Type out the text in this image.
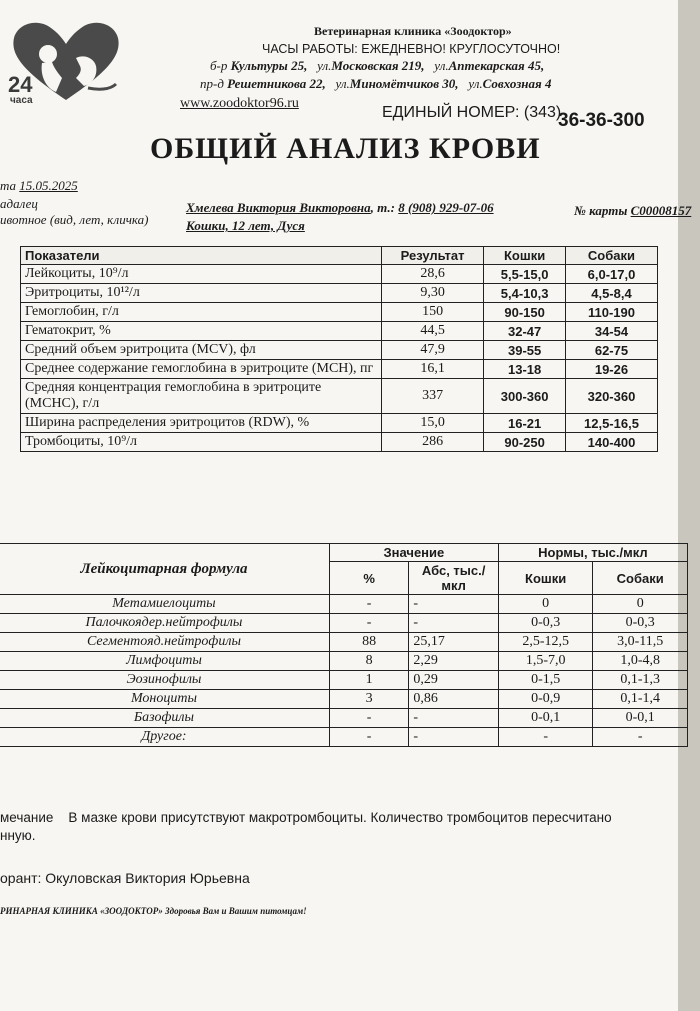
24
часа
Ветеринарная клиника «Зоодоктор»
ЧАСЫ РАБОТЫ: ЕЖЕДНЕВНО! КРУГЛОСУТОЧНО!
б-р Культуры 25, ул.Московская 219, ул.Аптекарская 45,
пр-д Решетникова 22, ул.Миномётчиков 30, ул.Совхозная 4
www.zoodoktor96.ru
ЕДИНЫЙ НОМЕР: (343)
36-36-300
ОБЩИЙ АНАЛИЗ КРОВИ
та 15.05.2025
адалец
ивотное (вид, лет, кличка)
Хмелева Виктория Викторовна, т.: 8 (908) 929-07-06
Кошки, 12 лет, Дуся
№ карты С00008157
Показатели	Результат	Кошки	Собаки
Лейкоциты, 10⁹/л	28,6	5,5-15,0	6,0-17,0
Эритроциты, 10¹²/л	9,30	5,4-10,3	4,5-8,4
Гемоглобин, г/л	150	90-150	110-190
Гематокрит, %	44,5	32-47	34-54
Средний объем эритроцита (MCV), фл	47,9	39-55	62-75
Среднее содержание гемоглобина в эритроците (MCH), пг	16,1	13-18	19-26
Средняя концентрация гемоглобина в эритроците (MCHC), г/л	337	300-360	320-360
Ширина распределения эритроцитов (RDW), %	15,0	16-21	12,5-16,5
Тромбоциты, 10⁹/л	286	90-250	140-400
Лейкоцитарная формула	Значение		Нормы, тыс./мкл	
	%	Абс, тыс./мкл	Кошки	Собаки
Метамиелоциты	-	-	0	0
Палочкоядер.нейтрофилы	-	-	0-0,3	0-0,3
Сегментояд.нейтрофилы	88	25,17	2,5-12,5	3,0-11,5
Лимфоциты	8	2,29	1,5-7,0	1,0-4,8
Эозинофилы	1	0,29	0-1,5	0,1-1,3
Моноциты	3	0,86	0-0,9	0,1-1,4
Базофилы	-	-	0-0,1	0-0,1
Другое:	-	-	-	-
мечание В мазке крови присутствуют макротромбоциты. Количество тромбоцитов пересчитано
нную.
орант: Окуловская Виктория Юрьевна
РИНАРНАЯ КЛИНИКА «ЗООДОКТОР» Здоровья Вам и Вашим питомцам!
